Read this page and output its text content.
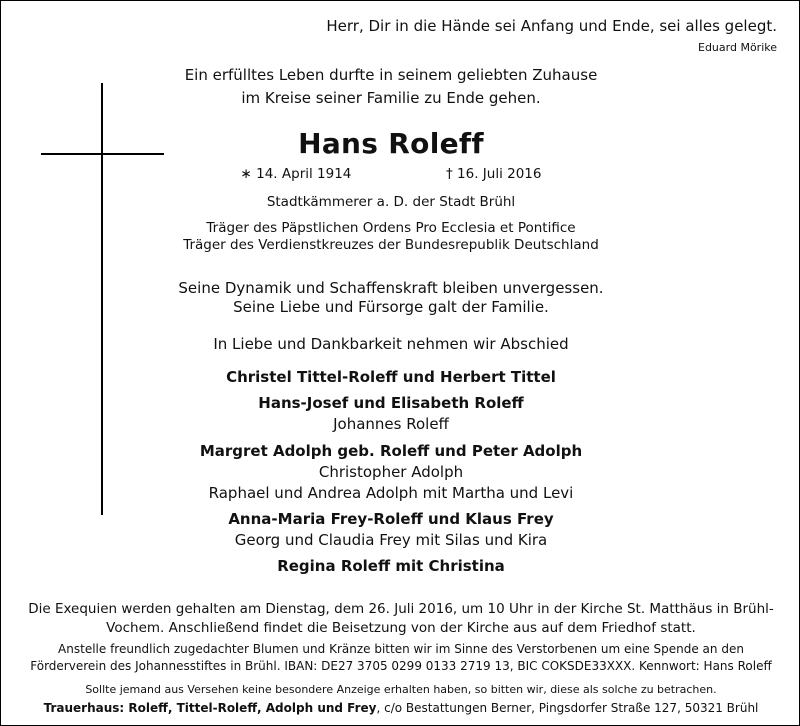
Herr, Dir in die Hände sei Anfang und Ende, sei alles gelegt.
Eduard Mörike
Ein erfülltes Leben durfte in seinem geliebten Zuhause
im Kreise seiner Familie zu Ende gehen.
Hans Roleff
∗ 14. April 1914	† 16. Juli 2016
Stadtkämmerer a. D. der Stadt Brühl
Träger des Päpstlichen Ordens Pro Ecclesia et Pontifice
Träger des Verdienstkreuzes der Bundesrepublik Deutschland
Seine Dynamik und Schaffenskraft bleiben unvergessen.
Seine Liebe und Fürsorge galt der Familie.
In Liebe und Dankbarkeit nehmen wir Abschied
Christel Tittel-Roleff und Herbert Tittel
Hans-Josef und Elisabeth Roleff
Johannes Roleff
Margret Adolph geb. Roleff und Peter Adolph
Christopher Adolph
Raphael und Andrea Adolph mit Martha und Levi
Anna-Maria Frey-Roleff und Klaus Frey
Georg und Claudia Frey mit Silas und Kira
Regina Roleff mit Christina
Die Exequien werden gehalten am Dienstag, dem 26. Juli 2016, um 10 Uhr in der Kirche St. Matthäus in Brühl-Vochem. Anschließend findet die Beisetzung von der Kirche aus auf dem Friedhof statt.
Anstelle freundlich zugedachter Blumen und Kränze bitten wir im Sinne des Verstorbenen um eine Spende an den Förderverein des Johannesstiftes in Brühl. IBAN: DE27 3705 0299 0133 2719 13, BIC COKSDE33XXX. Kennwort: Hans Roleff
Sollte jemand aus Versehen keine besondere Anzeige erhalten haben, so bitten wir, diese als solche zu betrachen.
Trauerhaus: Roleff, Tittel-Roleff, Adolph und Frey, c/o Bestattungen Berner, Pingsdorfer Straße 127, 50321 Brühl
